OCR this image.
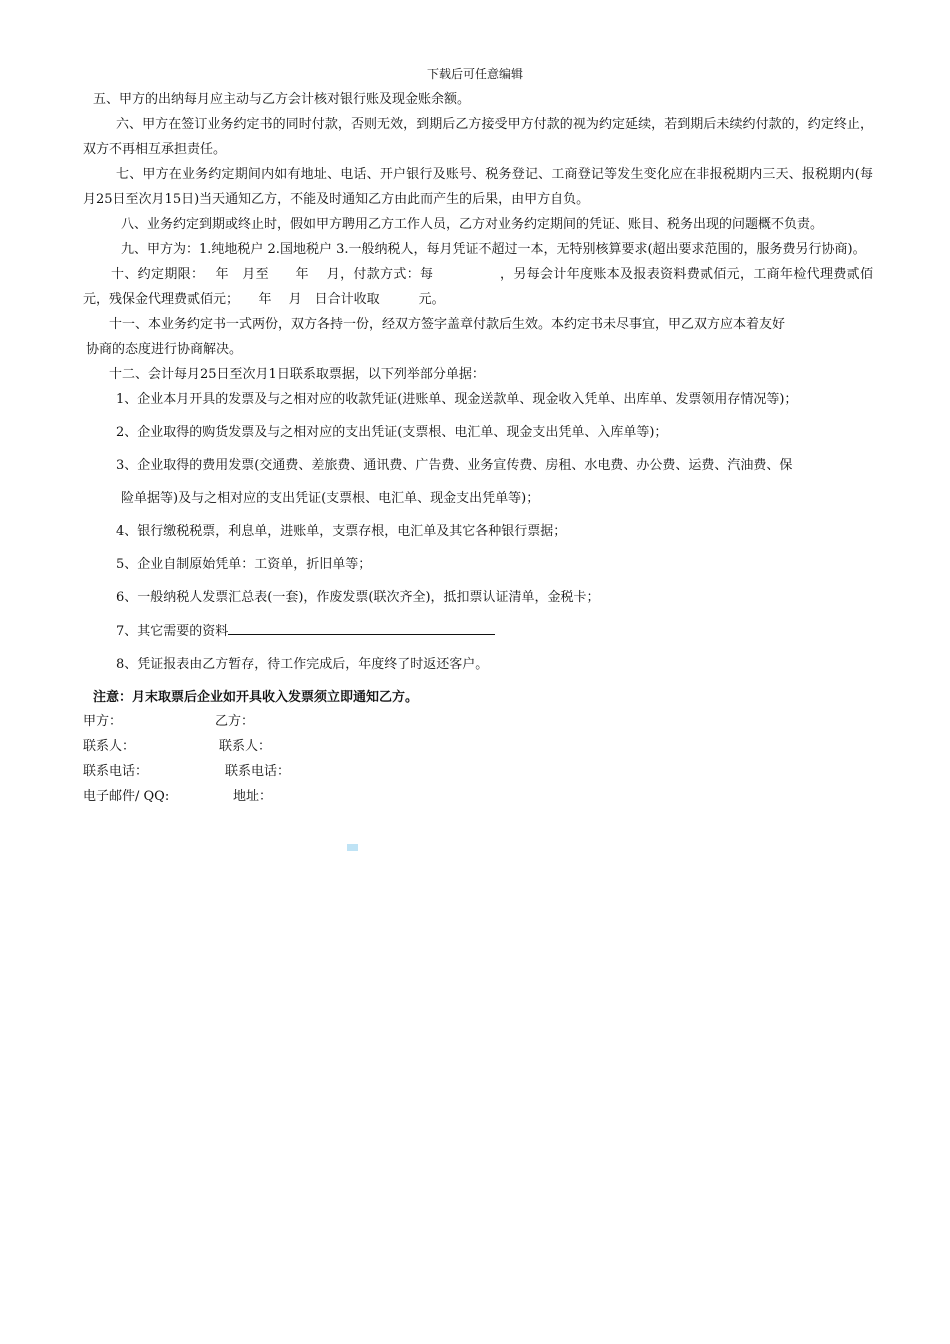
下载后可任意编辑

五、甲方的出纳每月应主动与乙方会计核对银行账及现金账余额。

六、甲方在签订业务约定书的同时付款，否则无效，到期后乙方接受甲方付款的视为约定延续，若到期后未续约付款的，约定终止，双方不再相互承担责任。

七、甲方在业务约定期间内如有地址、电话、开户银行及账号、税务登记、工商登记等发生变化应在非报税期内三天、报税期内(每月25日至次月15日)当天通知乙方，不能及时通知乙方由此而产生的后果，由甲方自负。

八、业务约定到期或终止时，假如甲方聘用乙方工作人员，乙方对业务约定期间的凭证、账目、税务出现的问题概不负责。

九、甲方为：1.纯地税户 2.国地税户 3.一般纳税人，每月凭证不超过一本，无特别核算要求(超出要求范围的，服务费另行协商)。

十、约定期限：　 年　月至　　年　 月，付款方式：每　　　　　，另每会计年度账本及报表资料费贰佰元，工商年检代理费贰佰元，残保金代理费贰佰元；　　年　 月　日合计收取　　　元。

十一、本业务约定书一式两份，双方各持一份，经双方签字盖章付款后生效。本约定书未尽事宜，甲乙双方应本着友好
协商的态度进行协商解决。

十二、会计每月25日至次月1日联系取票据，以下列举部分单据：

1、企业本月开具的发票及与之相对应的收款凭证(进账单、现金送款单、现金收入凭单、出库单、发票领用存情况等)；
2、企业取得的购货发票及与之相对应的支出凭证(支票根、电汇单、现金支出凭单、入库单等)；
3、企业取得的费用发票(交通费、差旅费、通讯费、广告费、业务宣传费、房租、水电费、办公费、运费、汽油费、保
险单据等)及与之相对应的支出凭证(支票根、电汇单、现金支出凭单等)；
4、银行缴税税票，利息单，进账单，支票存根，电汇单及其它各种银行票据；
5、企业自制原始凭单：工资单，折旧单等；
6、一般纳税人发票汇总表(一套)，作废发票(联次齐全)，抵扣票认证清单，金税卡；
7、其它需要的资料
8、凭证报表由乙方暂存，待工作完成后，年度终了时返还客户。

注意：月末取票后企业如开具收入发票须立即通知乙方。

甲方：	乙方：
联系人：	联系人：
联系电话：	联系电话：
电子邮件/ QQ:	地址：
